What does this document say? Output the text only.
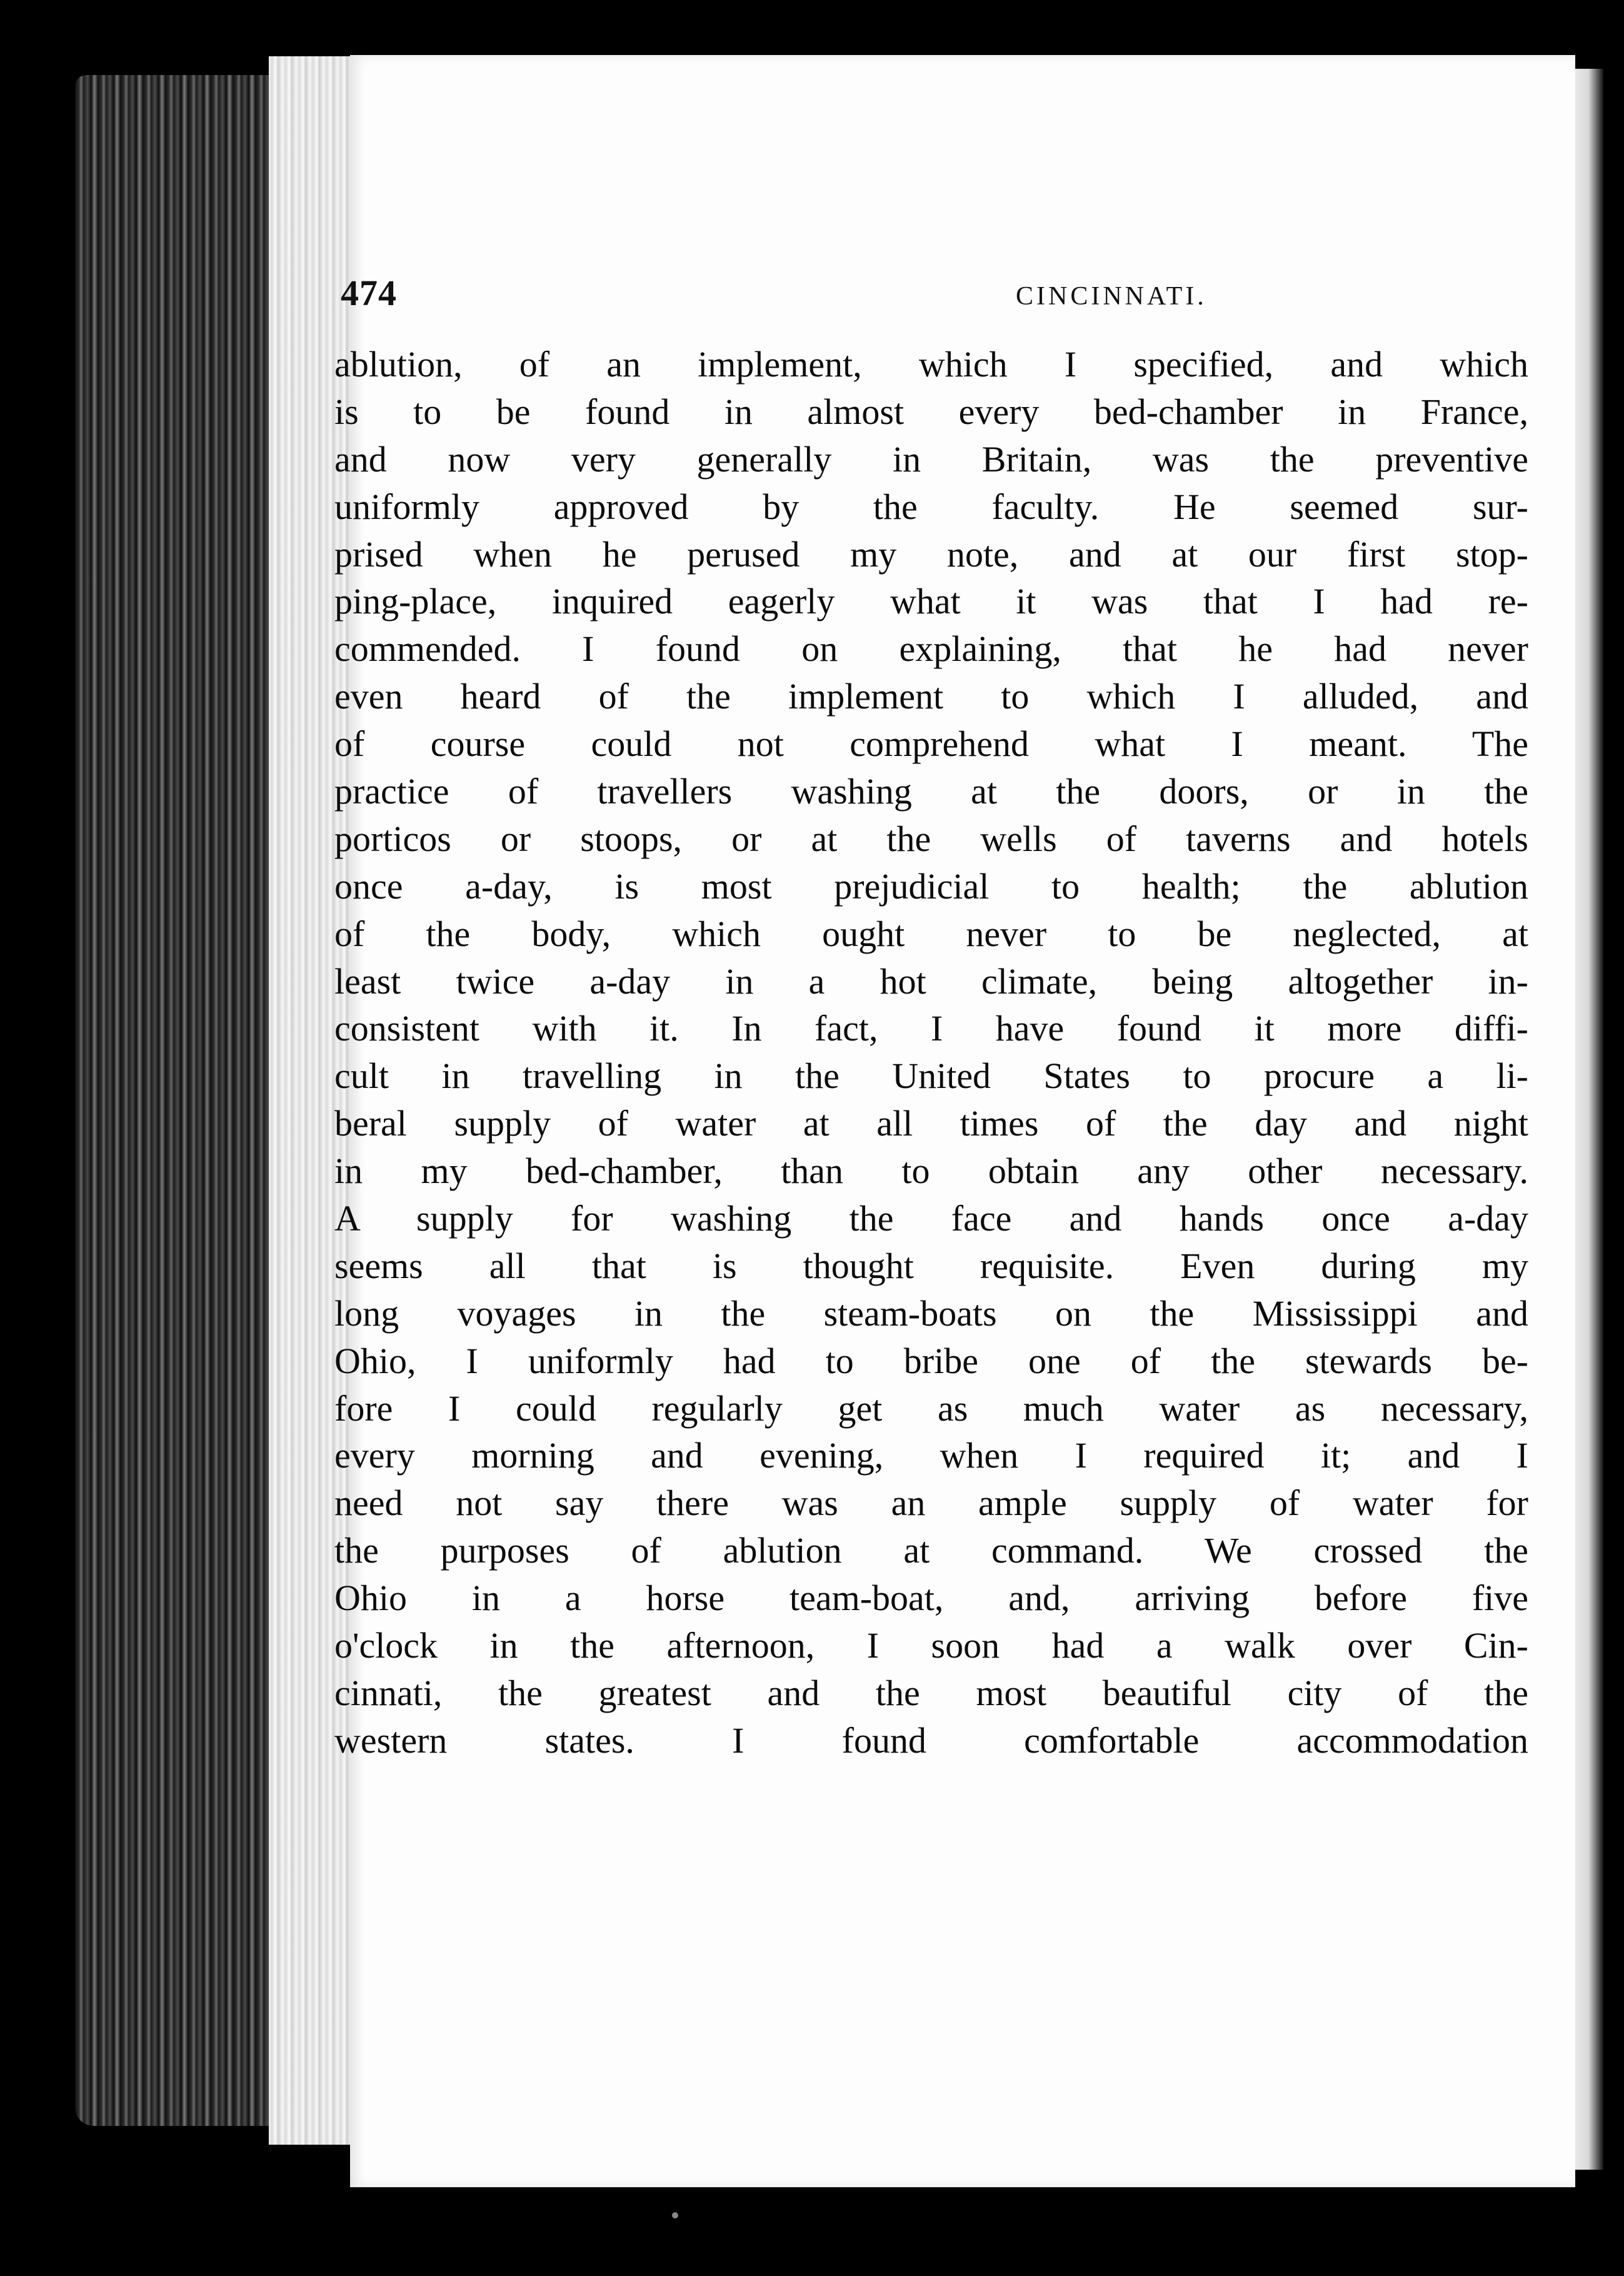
474	CINCINNATI.
ablution, of an implement, which I specified, and which
is to be found in almost every bed-chamber in France,
and now very generally in Britain, was the preventive
uniformly approved by the faculty. He seemed sur-
prised when he perused my note, and at our first stop-
ping-place, inquired eagerly what it was that I had re-
commended. I found on explaining, that he had never
even heard of the implement to which I alluded, and
of course could not comprehend what I meant. The
practice of travellers washing at the doors, or in the
porticos or stoops, or at the wells of taverns and hotels
once a-day, is most prejudicial to health; the ablution
of the body, which ought never to be neglected, at
least twice a-day in a hot climate, being altogether in-
consistent with it. In fact, I have found it more diffi-
cult in travelling in the United States to procure a li-
beral supply of water at all times of the day and night
in my bed-chamber, than to obtain any other necessary.
A supply for washing the face and hands once a-day
seems all that is thought requisite. Even during my
long voyages in the steam-boats on the Mississippi and
Ohio, I uniformly had to bribe one of the stewards be-
fore I could regularly get as much water as necessary,
every morning and evening, when I required it; and I
need not say there was an ample supply of water for
the purposes of ablution at command. We crossed the
Ohio in a horse team-boat, and, arriving before five
o'clock in the afternoon, I soon had a walk over Cin-
cinnati, the greatest and the most beautiful city of the
western states. I found comfortable accommodation
